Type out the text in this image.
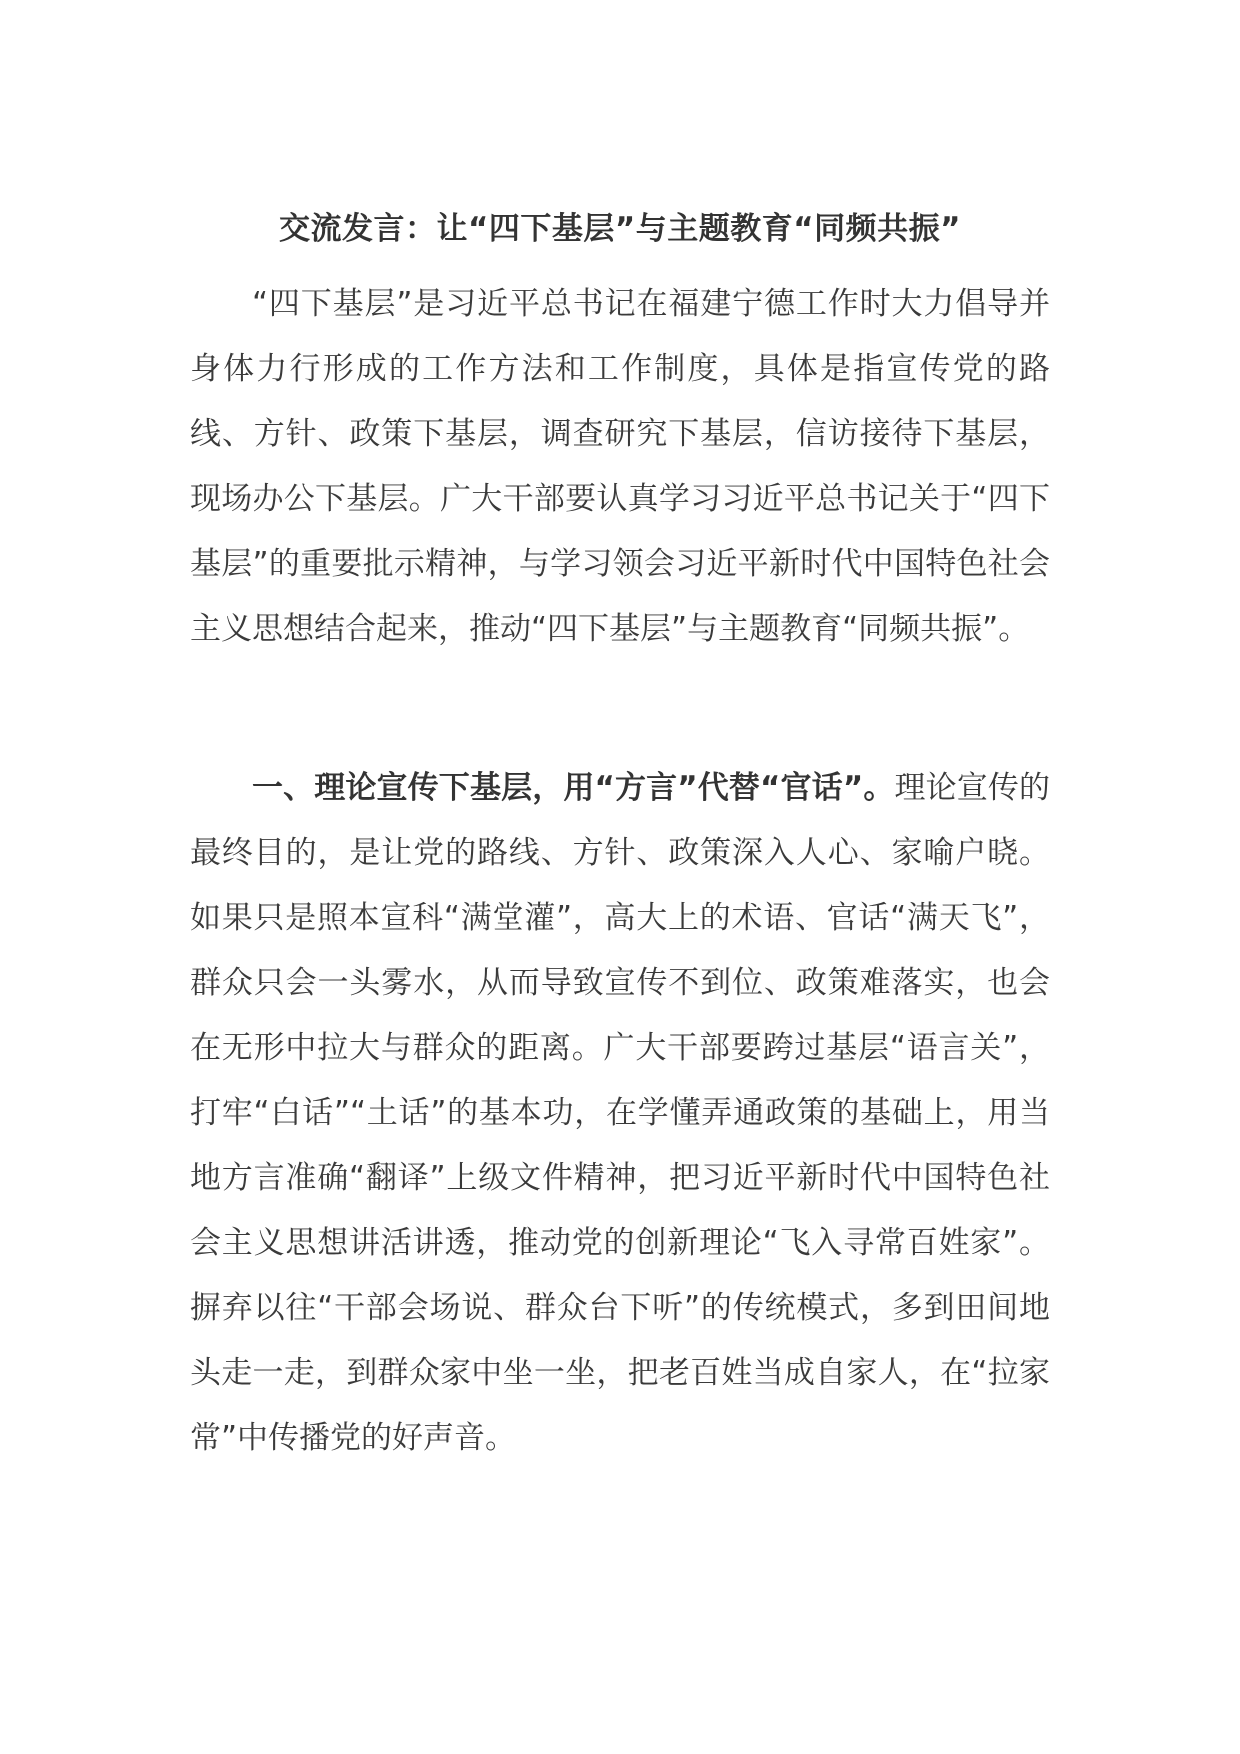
交流发言：让“四下基层”与主题教育“同频共振”

“四下基层”是习近平总书记在福建宁德工作时大力倡导并身体力行形成的工作方法和工作制度，具体是指宣传党的路线、方针、政策下基层，调查研究下基层，信访接待下基层，现场办公下基层。广大干部要认真学习习近平总书记关于“四下基层”的重要批示精神，与学习领会习近平新时代中国特色社会主义思想结合起来，推动“四下基层”与主题教育“同频共振”。

一、理论宣传下基层，用“方言”代替“官话”。理论宣传的最终目的，是让党的路线、方针、政策深入人心、家喻户晓。如果只是照本宣科“满堂灌”，高大上的术语、官话“满天飞”，群众只会一头雾水，从而导致宣传不到位、政策难落实，也会在无形中拉大与群众的距离。广大干部要跨过基层“语言关”，打牢“白话”“土话”的基本功，在学懂弄通政策的基础上，用当地方言准确“翻译”上级文件精神，把习近平新时代中国特色社会主义思想讲活讲透，推动党的创新理论“飞入寻常百姓家”。摒弃以往“干部会场说、群众台下听”的传统模式，多到田间地头走一走，到群众家中坐一坐，把老百姓当成自家人，在“拉家常”中传播党的好声音。
